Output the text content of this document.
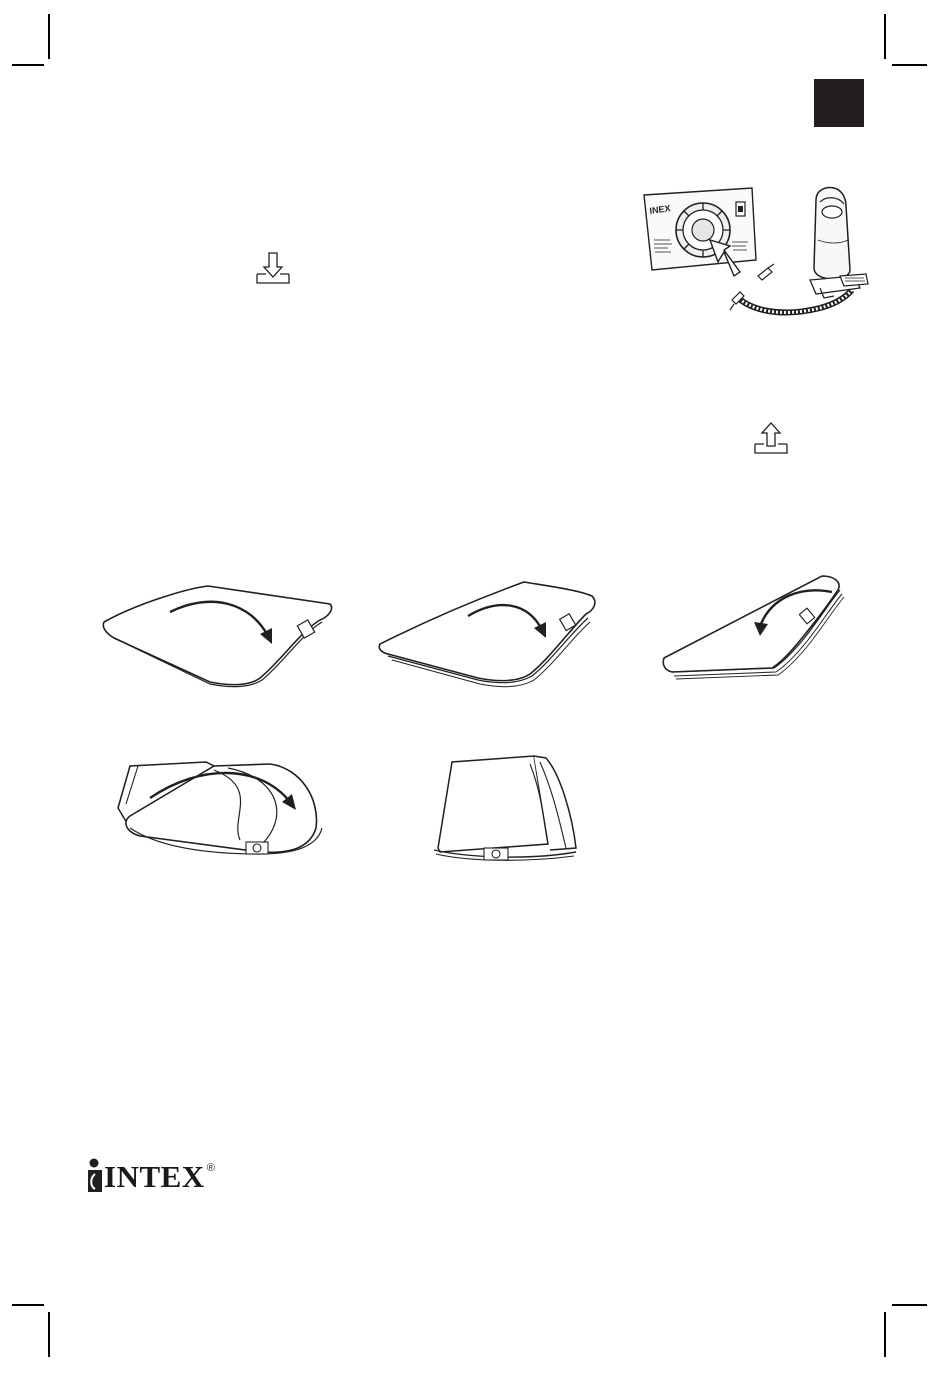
INEX
INTEX ®
